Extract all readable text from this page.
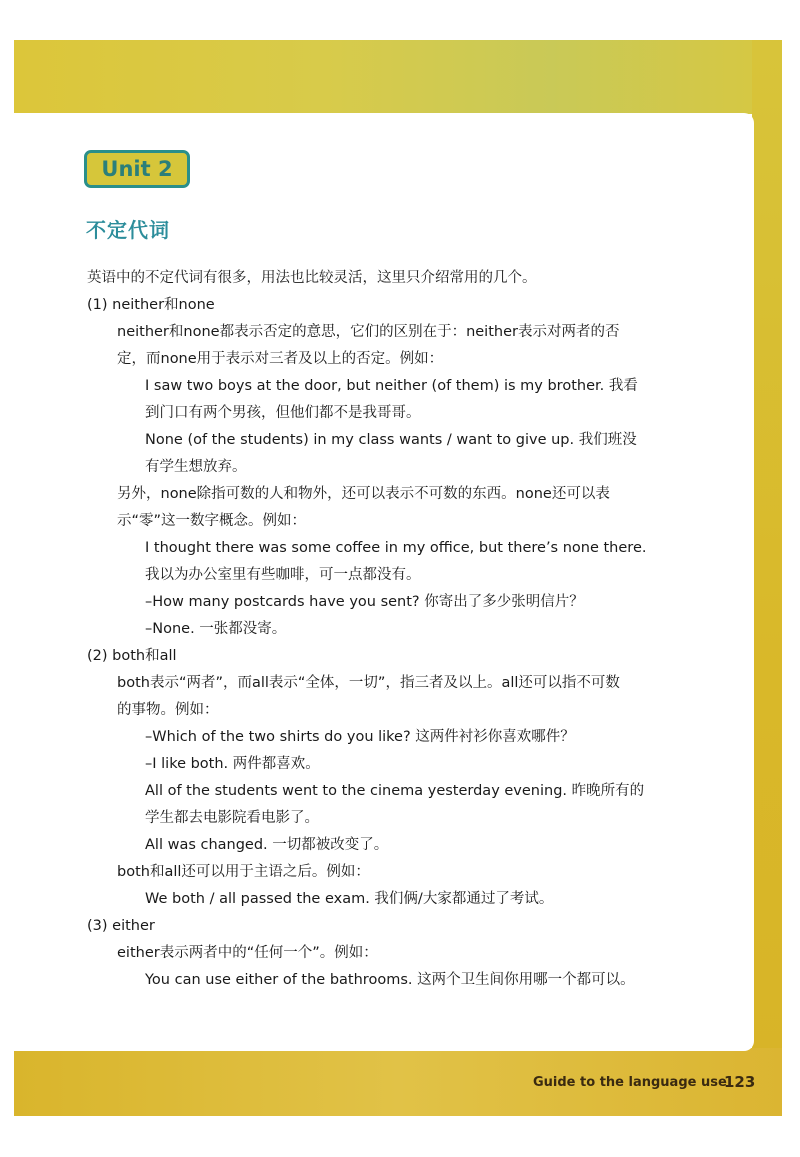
Unit 2
不定代词
英语中的不定代词有很多，用法也比较灵活，这里只介绍常用的几个。
(1) neither和none
neither和none都表示否定的意思，它们的区别在于：neither表示对两者的否
定，而none用于表示对三者及以上的否定。例如：
I saw two boys at the door, but neither (of them) is my brother. 我看
到门口有两个男孩，但他们都不是我哥哥。
None (of the students) in my class wants / want to give up. 我们班没
有学生想放弃。
另外，none除指可数的人和物外，还可以表示不可数的东西。none还可以表
示“零”这一数字概念。例如：
I thought there was some coffee in my office, but there’s none there.
我以为办公室里有些咖啡，可一点都没有。
–How many postcards have you sent? 你寄出了多少张明信片？
–None. 一张都没寄。
(2) both和all
both表示“两者”，而all表示“全体，一切”，指三者及以上。all还可以指不可数
的事物。例如：
–Which of the two shirts do you like? 这两件衬衫你喜欢哪件？
–I like both. 两件都喜欢。
All of the students went to the cinema yesterday evening. 昨晚所有的
学生都去电影院看电影了。
All was changed. 一切都被改变了。
both和all还可以用于主语之后。例如：
We both / all passed the exam. 我们俩/大家都通过了考试。
(3) either
either表示两者中的“任何一个”。例如：
You can use either of the bathrooms. 这两个卫生间你用哪一个都可以。
Guide to the language use
123
